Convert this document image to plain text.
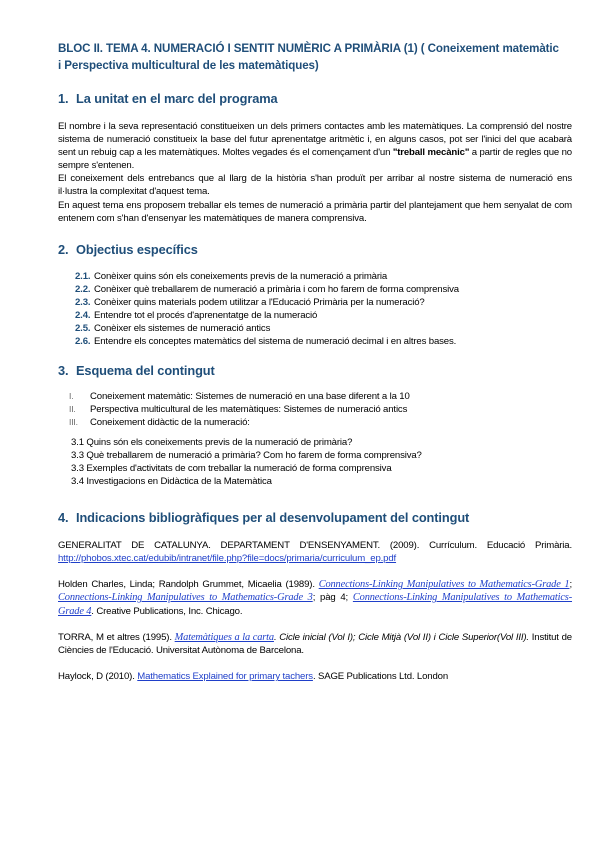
BLOC II. TEMA 4. NUMERACIÓ I SENTIT NUMÈRIC A PRIMÀRIA (1) ( Coneixement matemàtic
i Perspectiva multicultural de les matemàtiques)
1. La unitat en el marc del programa

El nombre i la seva representació constitueixen un dels primers contactes amb les matemàtiques. La comprensió del nostre sistema de numeració constitueix la base del futur aprenentatge aritmètic i, en alguns casos, pot ser l'inici del que acabarà sent un rebuig cap a les matemàtiques. Moltes vegades és el començament d'un "treball mecànic" a partir de regles que no sempre s'entenen.

El coneixement dels entrebancs que al llarg de la història s'han produït per arribar al nostre sistema de numeració ens il·lustra la complexitat d'aquest tema.

En aquest tema ens proposem treballar els temes de numeració a primària partir del plantejament que hem senyalat de com entenem com s'han d'ensenyar les matemàtiques de manera comprensiva.

2. Objectius específics
2.1. Conèixer quins són els coneixements previs de la numeració a primària
2.2. Conèixer què treballarem de numeració a primària i com ho farem de forma comprensiva
2.3. Conèixer quins materials podem utilitzar a l'Educació Primària per la numeració?
2.4. Entendre tot el procés d'aprenentatge de la numeració
2.5. Conèixer els sistemes de numeració antics
2.6. Entendre els conceptes matemàtics del sistema de numeració decimal i en altres bases.
3. Esquema del contingut
I. Coneixement matemàtic: Sistemes de numeració en una base diferent a la 10
II. Perspectiva multicultural de les matemàtiques: Sistemes de numeració antics
III. Coneixement didàctic de la numeració:
3.1 Quins són els coneixements previs de la numeració de primària?
3.3 Què treballarem de numeració a primària? Com ho farem de forma comprensiva?
3.3 Exemples d'activitats de com treballar la numeració de forma comprensiva
3.4 Investigacions en Didàctica de la Matemàtica
4. Indicacions bibliogràfiques per al desenvolupament del contingut

GENERALITAT DE CATALUNYA. DEPARTAMENT D'ENSENYAMENT. (2009). Currículum. Educació Primària. http://phobos.xtec.cat/edubib/intranet/file.php?file=docs/primaria/curriculum_ep.pdf

Holden Charles, Linda; Randolph Grummet, Micaelia (1989). Connections-Linking Manipulatives to Mathematics-Grade 1; Connections-Linking Manipulatives to Mathematics-Grade 3; pàg 4; Connections-Linking Manipulatives to Mathematics-Grade 4. Creative Publications, Inc. Chicago.

TORRA, M et altres (1995). Matemàtiques a la carta. Cicle inicial (Vol I); Cicle Mitjà (Vol II) i Cicle Superior(Vol III). Institut de Ciències de l'Educació. Universitat Autònoma de Barcelona.

Haylock, D (2010). Mathematics Explained for primary tachers. SAGE Publications Ltd. London
